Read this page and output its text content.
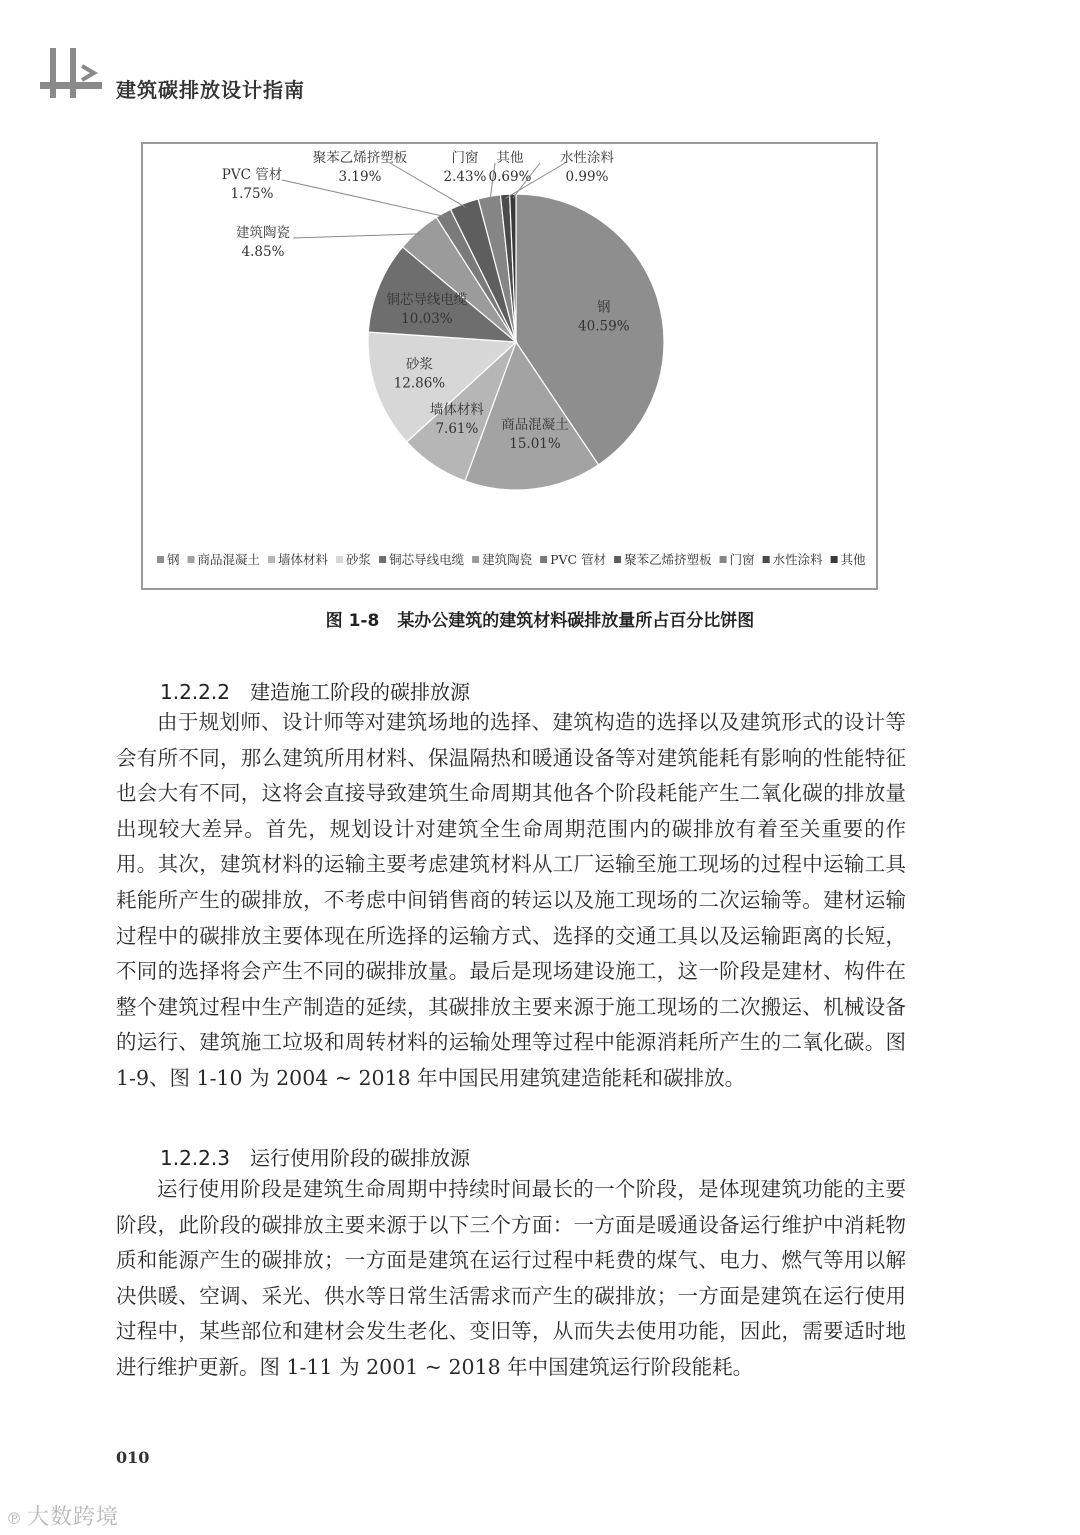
建筑碳排放设计指南
钢
40.59%
商品混凝土
15.01%
墙体材料
7.61%
砂浆
12.86%
铜芯导线电缆
10.03%
建筑陶瓷
4.85%
PVC 管材
1.75%
聚苯乙烯挤塑板
3.19%
门窗
2.43%
水性涂料
0.99%
其他
0.69%
钢 商品混凝土 墙体材料 砂浆 铜芯导线电缆 建筑陶瓷 PVC 管材 聚苯乙烯挤塑板 门窗 水性涂料 其他
图 1-8 某办公建筑的建筑材料碳排放量所占百分比饼图
1.2.2.2 建造施工阶段的碳排放源
由于规划师、设计师等对建筑场地的选择、建筑构造的选择以及建筑形式的设计等会有所不同，那么建筑所用材料、保温隔热和暖通设备等对建筑能耗有影响的性能特征也会大有不同，这将会直接导致建筑生命周期其他各个阶段耗能产生二氧化碳的排放量出现较大差异。首先，规划设计对建筑全生命周期范围内的碳排放有着至关重要的作用。其次，建筑材料的运输主要考虑建筑材料从工厂运输至施工现场的过程中运输工具耗能所产生的碳排放，不考虑中间销售商的转运以及施工现场的二次运输等。建材运输过程中的碳排放主要体现在所选择的运输方式、选择的交通工具以及运输距离的长短，不同的选择将会产生不同的碳排放量。最后是现场建设施工，这一阶段是建材、构件在整个建筑过程中生产制造的延续，其碳排放主要来源于施工现场的二次搬运、机械设备的运行、建筑施工垃圾和周转材料的运输处理等过程中能源消耗所产生的二氧化碳。图 1-9、图 1-10 为 2004 ~ 2018 年中国民用建筑建造能耗和碳排放。
1.2.2.3 运行使用阶段的碳排放源
运行使用阶段是建筑生命周期中持续时间最长的一个阶段，是体现建筑功能的主要阶段，此阶段的碳排放主要来源于以下三个方面：一方面是暖通设备运行维护中消耗物质和能源产生的碳排放；一方面是建筑在运行过程中耗费的煤气、电力、燃气等用以解决供暖、空调、采光、供水等日常生活需求而产生的碳排放；一方面是建筑在运行使用过程中，某些部位和建材会发生老化、变旧等，从而失去使用功能，因此，需要适时地进行维护更新。图 1-11 为 2001 ~ 2018 年中国建筑运行阶段能耗。
010
℗ 大数跨境
